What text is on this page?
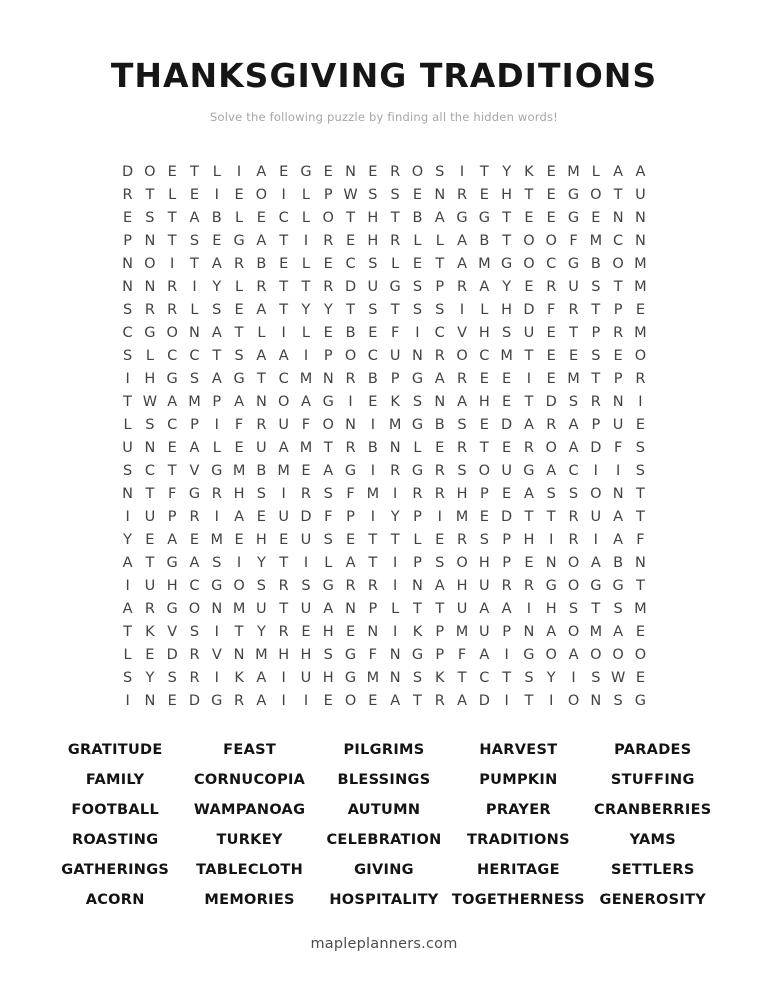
THANKSGIVING TRADITIONS

Solve the following puzzle by finding all the hidden words!

D O E T L	I	A E G E N E R O S	I	T Y K E M L A A
R T L E	I	E O I	L P W S S E N R E H T E G O T U
E S T A B L E C L O T H T B A G G T E E G E N N
P N T S E G A T	I	R E H R L L A B T O O F M C N
N O I	T A R B E L E C S L E T A M G O C G B O M
N N R	I	Y L R T T R D U G S P R A Y E R U S T M
S R R L S E A T Y Y T S T S S	I	L H D F R T P E
C G O N A T L	I	L E B E F	I	C V H S U E T P R M
S L C C T S A A	I	P O C U N R O C M T E E S E O
I	H G S A G T C M N R B P G A R E E	I	E M T P R
T W A M P A N O A G	I	E K S N A H E T D S R N	I
L S C P	I	F R U F O N	I M G B S E D A R A P U E
U N E A L E U A M T R B N L E R T E R O A D F S
S C T V G M B M E A G	I	R G R S O U G A C	I	I	S
N T F G R H S	I	R S F M I	R R H P E A S S O N T
I	U P R	I	A E U D F P	I	Y P	I M E D T T R U A T
Y E A E M E H E U S E T T L E R S P H	I	R	I	A F
A T G A S	I	Y T	I	L A T	I	P S O H P E N O A B N
I	U H C G O S R S G R R	I	N A H U R R G O G G T
A R G O N M U T U A N P L T T U A A	I	H S T S M
T K V S	I	T Y R E H E N	I	K P M U P N A O M A E
L E D R V N M H H S G F N G P F A	I	G O A O O O
S Y S R	I	K A	I	U H G M N S K T C T S Y	I	S W E
I	N E D G R A	I	I	E O E A T R A D	I	T	I O N S G
GRATITUDE	FEAST	PILGRIMS	HARVEST	PARADES
FAMILY	CORNUCOPIA	BLESSINGS	PUMPKIN	STUFFING
FOOTBALL	WAMPANOAG	AUTUMN	PRAYER	CRANBERRIES
ROASTING	TURKEY	CELEBRATION	TRADITIONS	YAMS
GATHERINGS	TABLECLOTH	GIVING	HERITAGE	SETTLERS
ACORN	MEMORIES	HOSPITALITY TOGETHERNESS	GENEROSITY
mapleplanners.com
